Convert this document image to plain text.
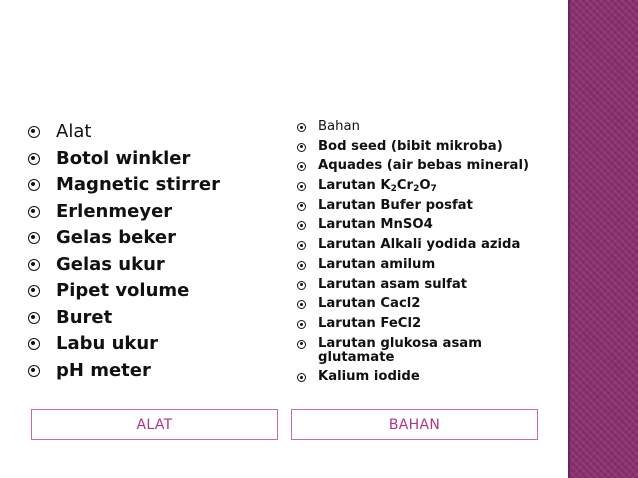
Alat
Botol winkler
Magnetic stirrer
Erlenmeyer
Gelas beker
Gelas ukur
Pipet volume
Buret
Labu ukur
pH meter
Bahan
Bod seed (bibit mikroba)
Aquades (air bebas mineral)
Larutan $K_2Cr_2O_7$
Larutan Bufer posfat
Larutan MnSO4
Larutan Alkali yodida azida
Larutan amilum
Larutan asam sulfat
Larutan Cacl2
Larutan FeCl2
Larutan glukosa asam glutamate
Kalium iodide
ALAT	BAHAN
